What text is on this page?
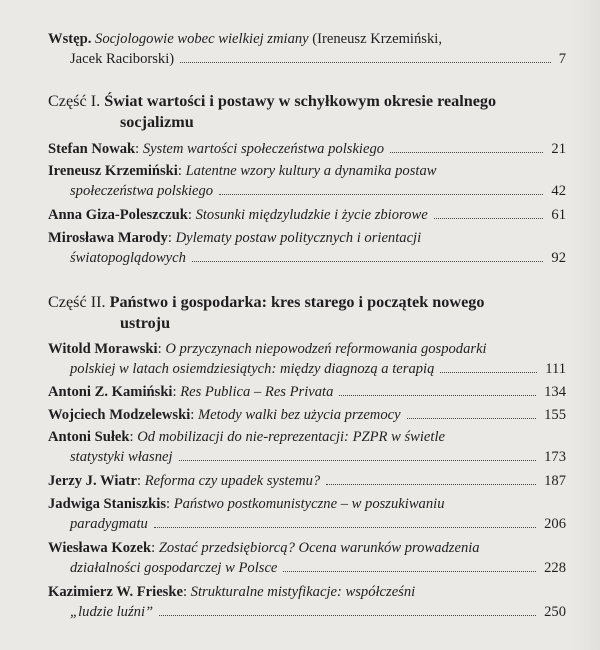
Wstęp. Socjologowie wobec wielkiej zmiany (Ireneusz Krzemiński,
Jacek Raciborski)	7
Część I. Świat wartości i postawy w schyłkowym okresie realnego
socjalizmu
Stefan Nowak: System wartości społeczeństwa polskiego	21
Ireneusz Krzemiński: Latentne wzory kultury a dynamika postaw
społeczeństwa polskiego	42
Anna Giza-Poleszczuk: Stosunki międzyludzkie i życie zbiorowe	61
Mirosława Marody: Dylematy postaw politycznych i orientacji
światopoglądowych	92
Część II. Państwo i gospodarka: kres starego i początek nowego
ustroju
Witold Morawski: O przyczynach niepowodzeń reformowania gospodarki
polskiej w latach osiemdziesiątych: między diagnozą a terapią	111
Antoni Z. Kamiński: Res Publica – Res Privata	134
Wojciech Modzelewski: Metody walki bez użycia przemocy	155
Antoni Sułek: Od mobilizacji do nie-reprezentacji: PZPR w świetle
statystyki własnej	173
Jerzy J. Wiatr: Reforma czy upadek systemu?	187
Jadwiga Staniszkis: Państwo postkomunistyczne – w poszukiwaniu
paradygmatu	206
Wiesława Kozek: Zostać przedsiębiorcą? Ocena warunków prowadzenia
działalności gospodarczej w Polsce	228
Kazimierz W. Frieske: Strukturalne mistyfikacje: współcześni
„ludzie luźni”	250
